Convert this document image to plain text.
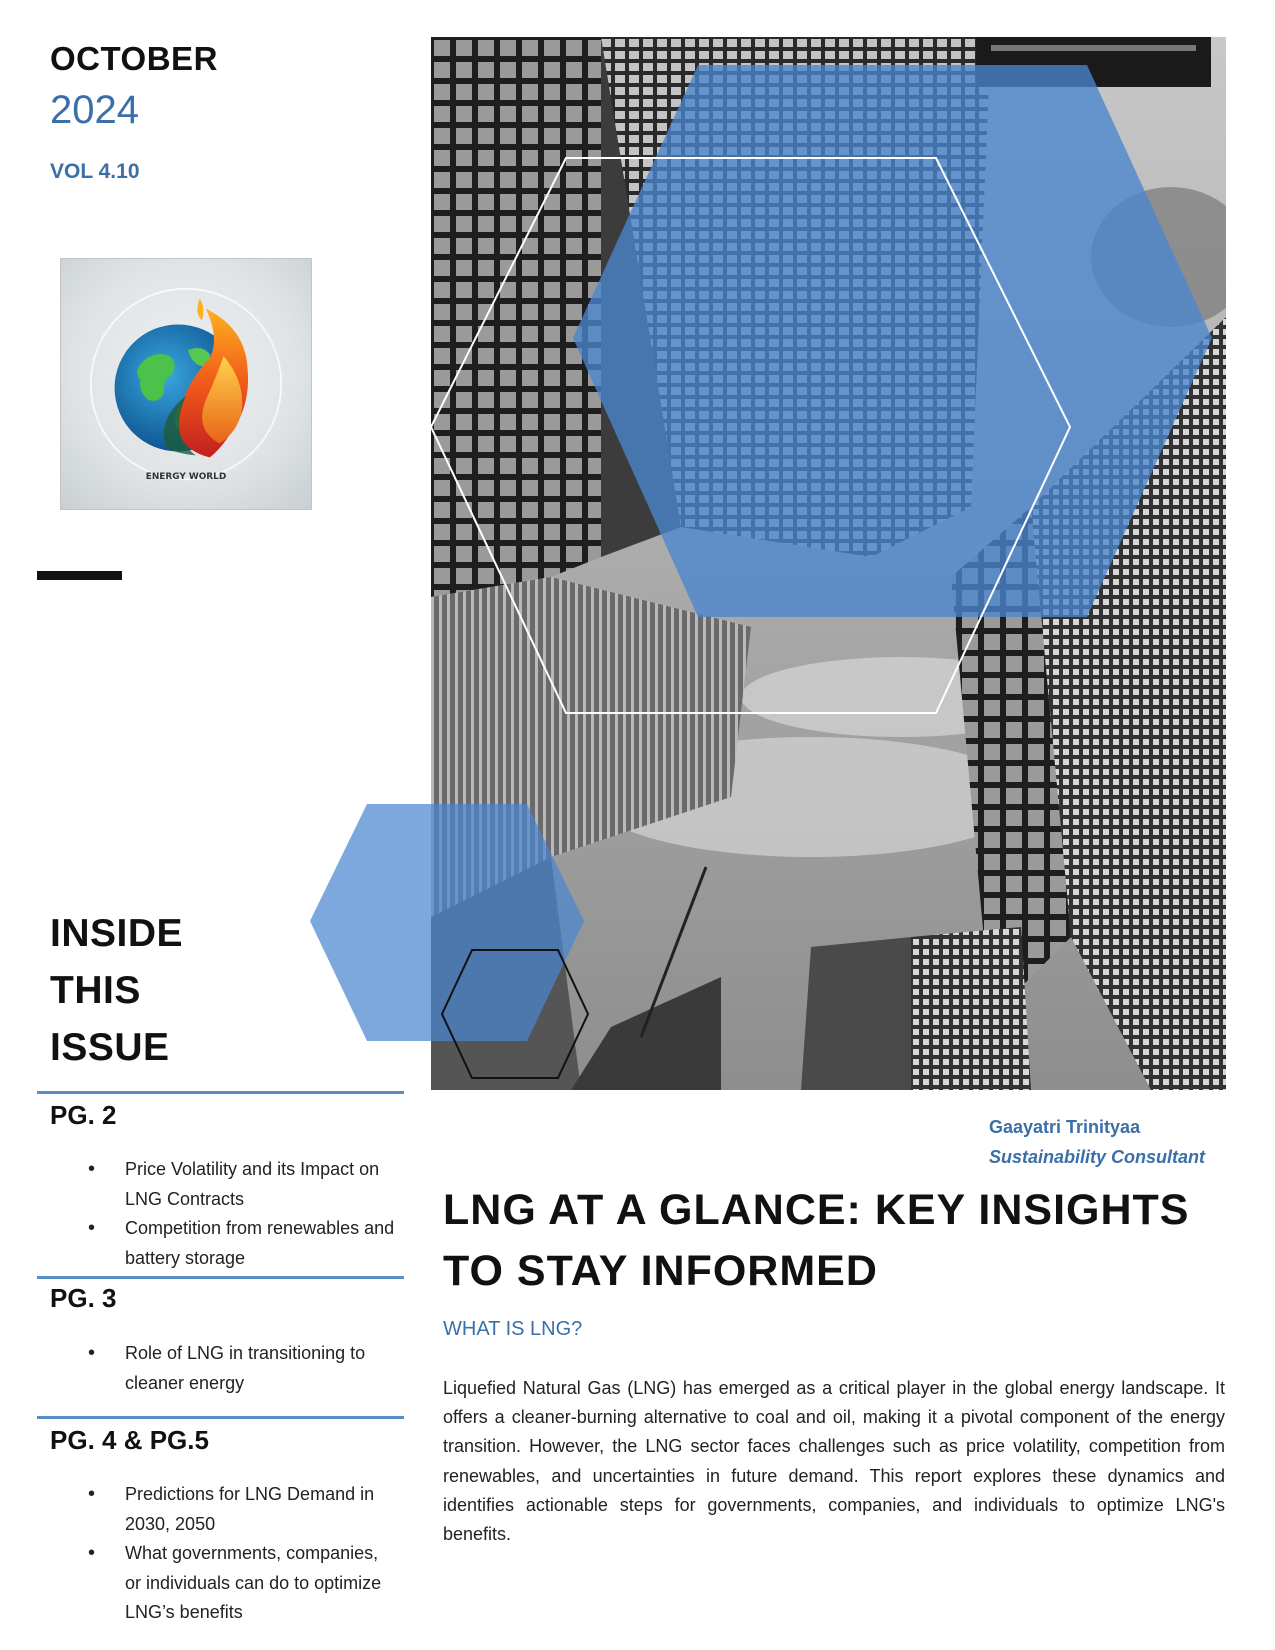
OCTOBER
2024
VOL 4.10
ENERGY WORLD
INSIDE
THIS
ISSUE
PG. 2
• Price Volatility and its Impact on LNG Contracts
• Competition from renewables and battery storage
PG. 3
• Role of LNG in transitioning to cleaner energy
PG. 4 & PG.5
• Predictions for LNG Demand in 2030, 2050
• What governments, companies, or individuals can do to optimize LNG’s benefits
Gaayatri Trinityaa
Sustainability Consultant
LNG AT A GLANCE: KEY INSIGHTS TO STAY INFORMED
WHAT IS LNG?
Liquefied Natural Gas (LNG) has emerged as a critical player in the global energy landscape. It offers a cleaner-burning alternative to coal and oil, making it a pivotal component of the energy transition. However, the LNG sector faces challenges such as price volatility, competition from renewables, and uncertainties in future demand. This report explores these dynamics and identifies actionable steps for governments, companies, and individuals to optimize LNG's benefits.
